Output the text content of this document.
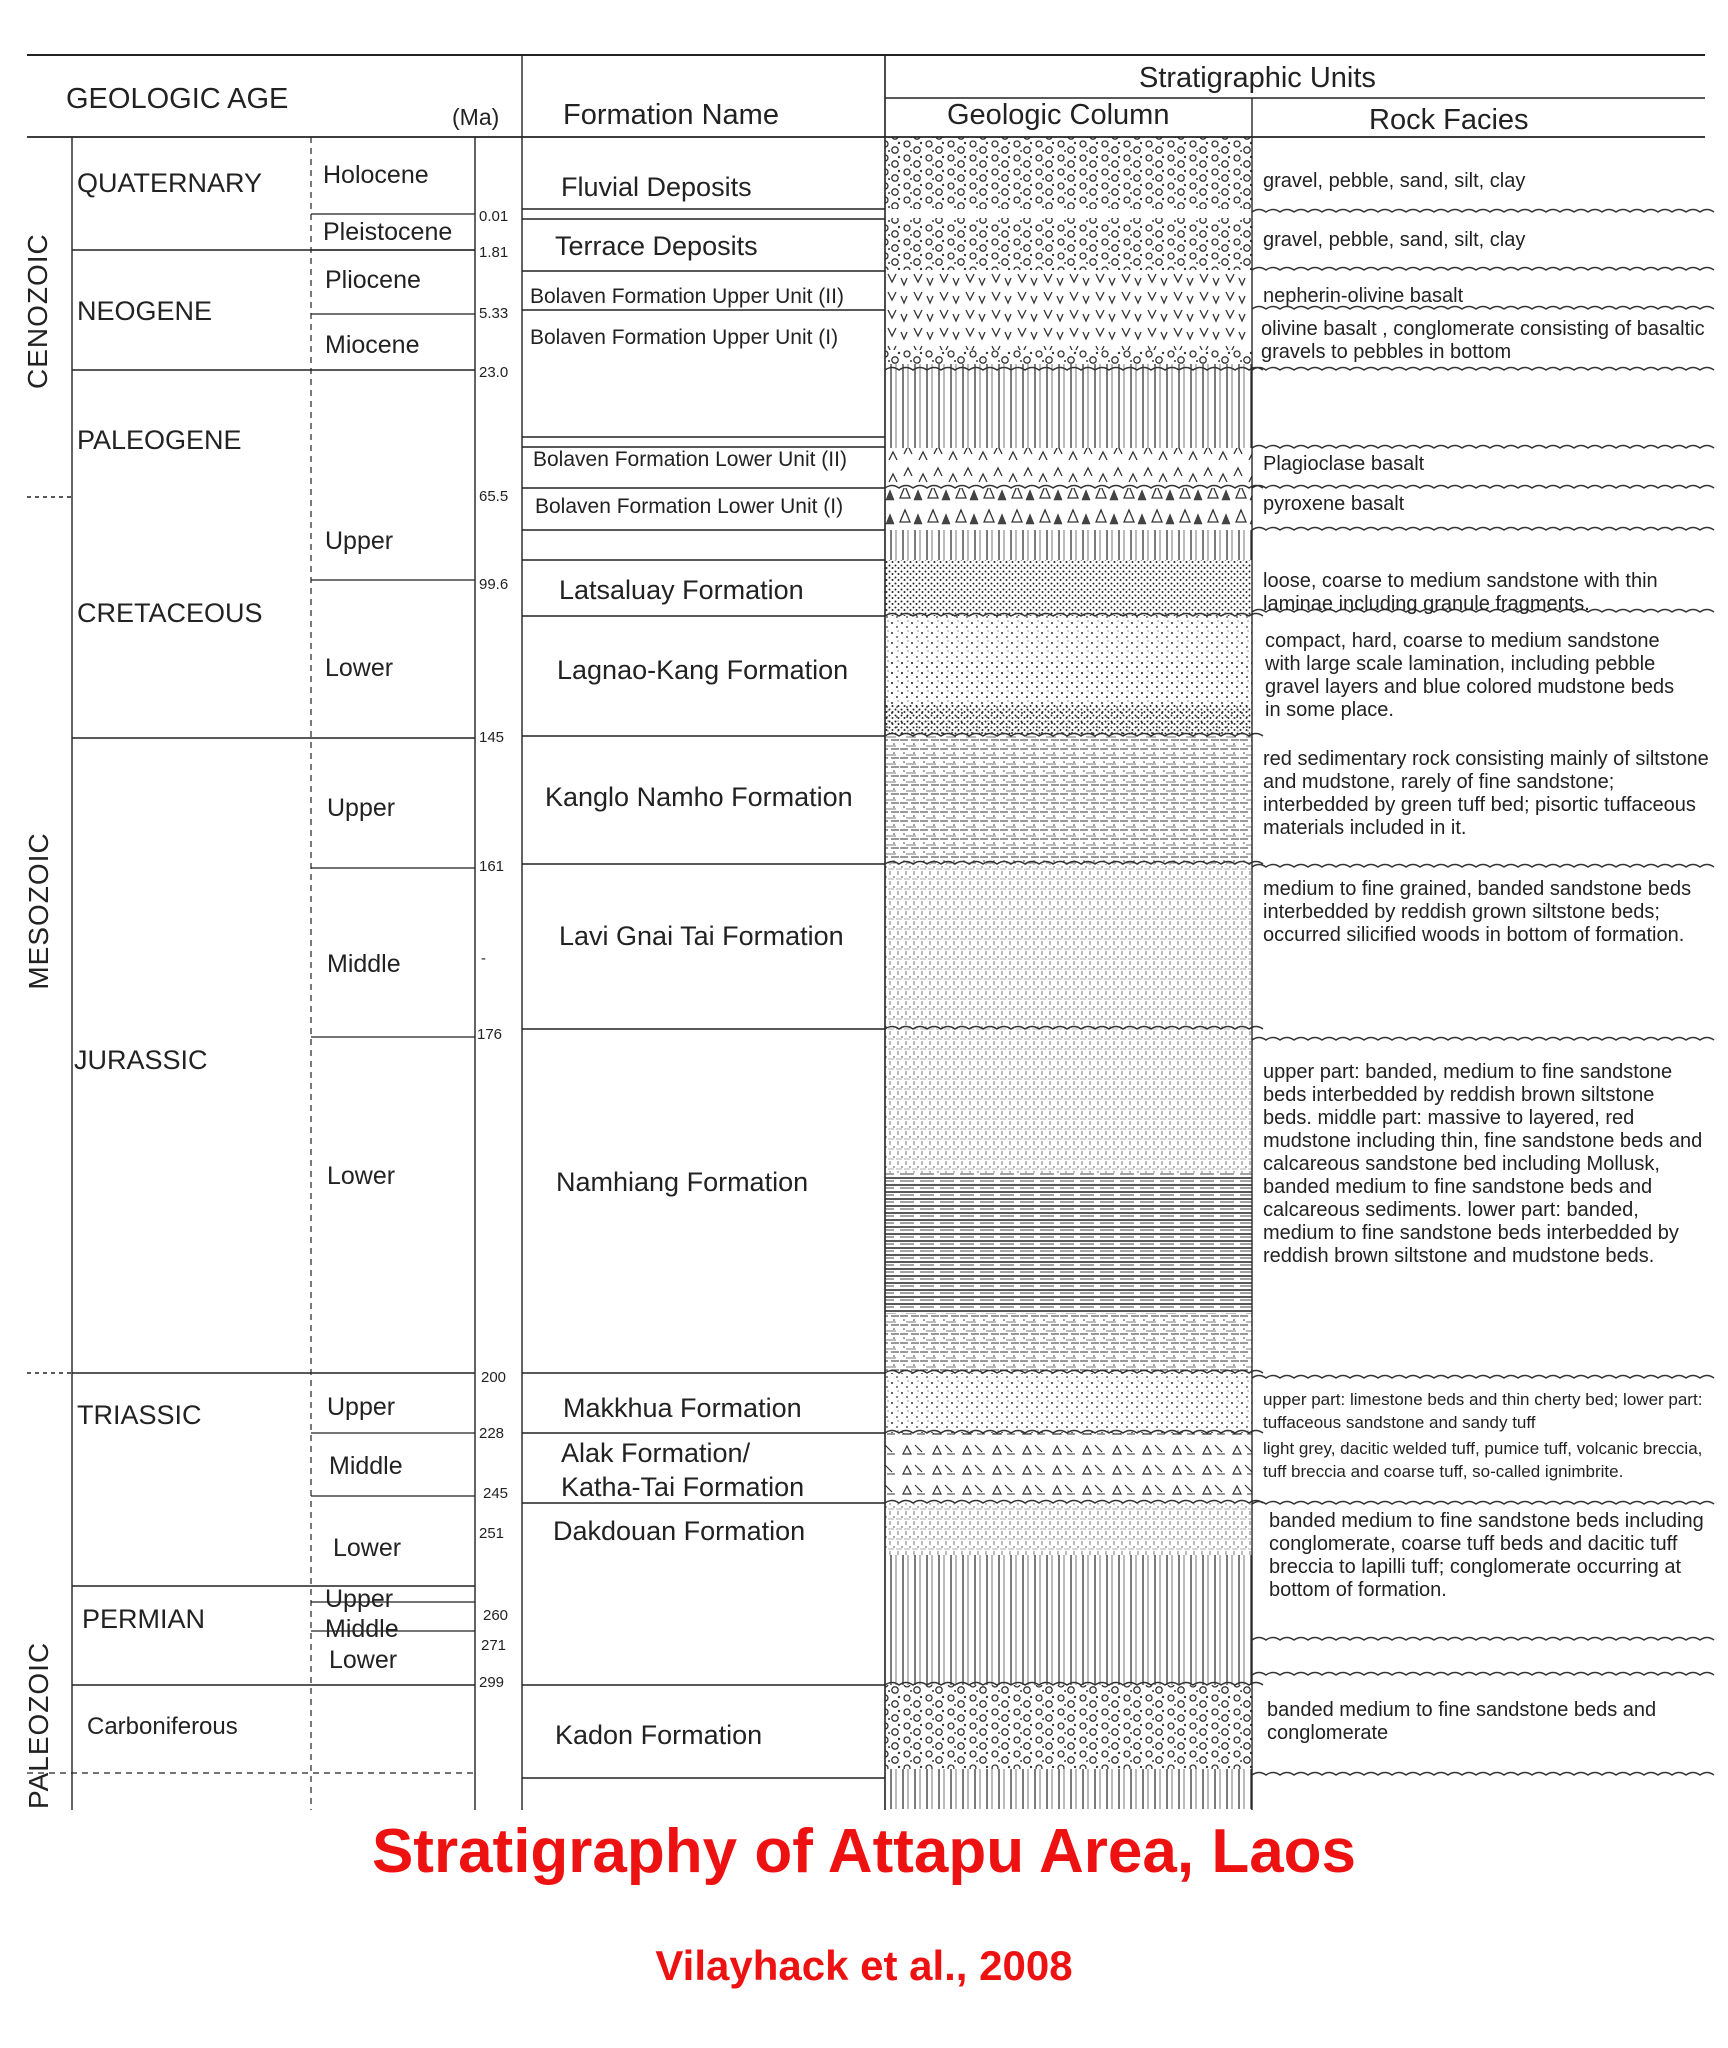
GEOLOGIC AGE
(Ma) Formation Name
Stratigraphic Units
Geologic Column	Rock Facies
CENOZOIC
MESOZOIC
PALEOZOIC
QUATERNARY
NEOGENE
PALEOGENE
CRETACEOUS
JURASSIC
TRIASSIC
PERMIAN
Carboniferous
Holocene
Pleistocene
Pliocene
Miocene
Upper
Lower
Upper
Middle
Lower
Upper
Middle
Lower
Upper
Middle
Lower
0.01
1.81
5.33
23.0
65.5
99.6
145
161
-
176
200
228
245
251
260
271
299
Fluvial Deposits
Terrace Deposits
Bolaven Formation Upper Unit (II)
Bolaven Formation Upper Unit (I)
Bolaven Formation Lower Unit (II)
Bolaven Formation Lower Unit (I)
Latsaluay Formation
Lagnao-Kang Formation
Kanglo Namho Formation
Lavi Gnai Tai Formation
Namhiang Formation
Makkhua Formation
Alak Formation/
Katha-Tai Formation
Dakdouan Formation
Kadon Formation
gravel, pebble, sand, silt, clay
gravel, pebble, sand, silt, clay
nepherin-olivine basalt
olivine basalt , conglomerate consisting of basaltic gravels to pebbles in bottom
Plagioclase basalt
pyroxene basalt
loose, coarse to medium sandstone with thin laminae including granule fragments.
compact, hard, coarse to medium sandstone with large scale lamination, including pebble gravel layers and blue colored mudstone beds in some place.
red sedimentary rock consisting mainly of siltstone and mudstone, rarely of fine sandstone; interbedded by green tuff bed; pisortic tuffaceous materials included in it.
medium to fine grained, banded sandstone beds interbedded by reddish grown siltstone beds; occurred silicified woods in bottom of formation.
upper part: banded, medium to fine sandstone beds interbedded by reddish brown siltstone beds. middle part: massive to layered, red mudstone including thin, fine sandstone beds and calcareous sandstone bed including Mollusk, banded medium to fine sandstone beds and calcareous sediments. lower part: banded, medium to fine sandstone beds interbedded by reddish brown siltstone and mudstone beds.
upper part: limestone beds and thin cherty bed; lower part: tuffaceous sandstone and sandy tuff
light grey, dacitic welded tuff, pumice tuff, volcanic breccia, tuff breccia and coarse tuff, so-called ignimbrite.
banded medium to fine sandstone beds including conglomerate, coarse tuff beds and dacitic tuff breccia to lapilli tuff; conglomerate occurring at bottom of formation.
banded medium to fine sandstone beds and conglomerate
Stratigraphy of Attapu Area, Laos
Vilayhack et al., 2008
